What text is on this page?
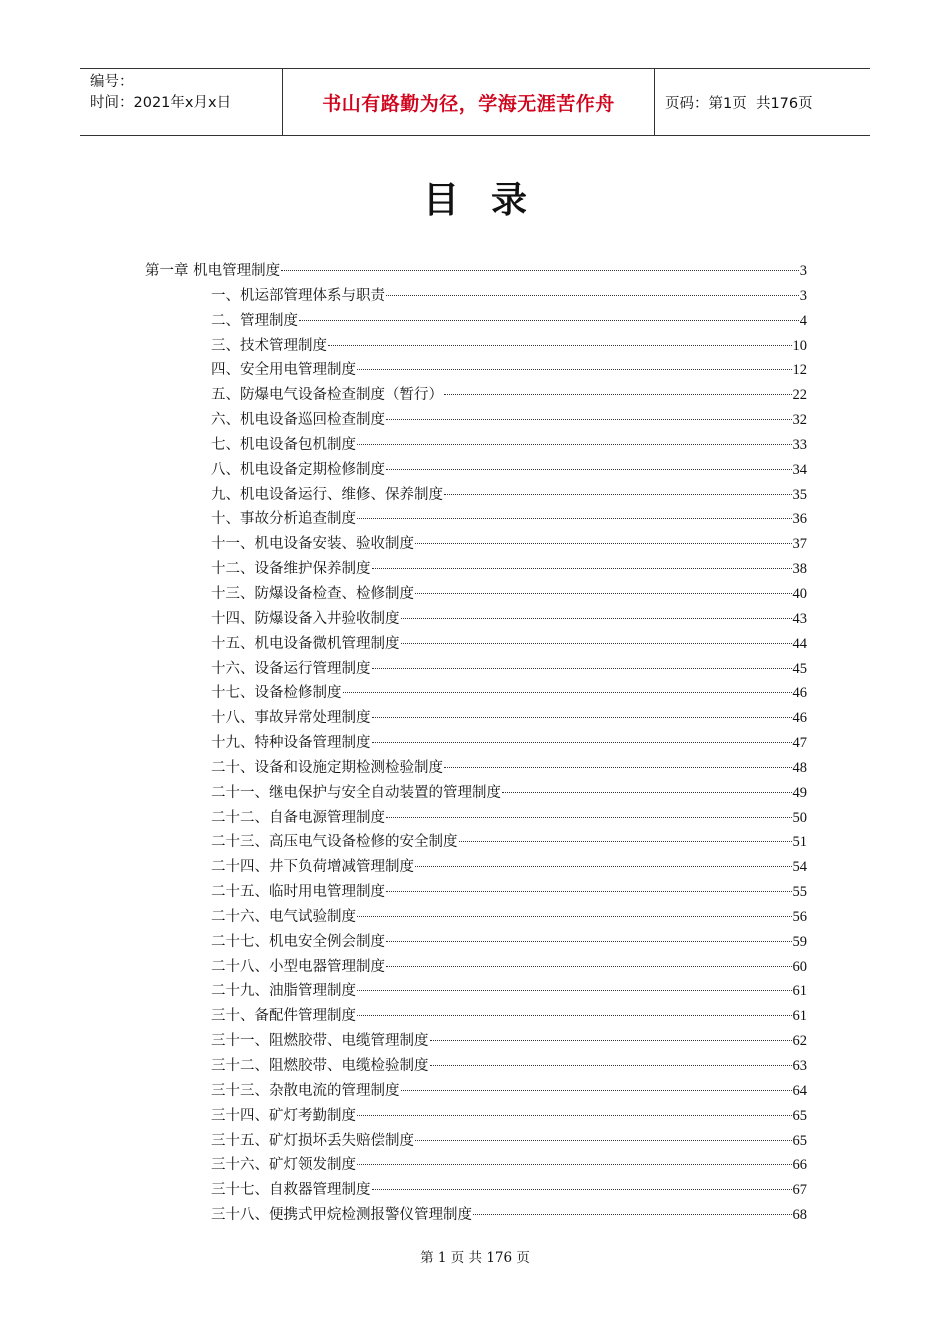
编号：
时间：2021年x月x日	书山有路勤为径，学海无涯苦作舟	页码：第1页  共176页
目录
第一章 机电管理制度	3
一、机运部管理体系与职责	3
二、管理制度	4
三、技术管理制度	10
四、安全用电管理制度	12
五、防爆电气设备检查制度（暂行）	22
六、机电设备巡回检查制度	32
七、机电设备包机制度	33
八、机电设备定期检修制度	34
九、机电设备运行、维修、保养制度	35
十、事故分析追查制度	36
十一、机电设备安装、验收制度	37
十二、设备维护保养制度	38
十三、防爆设备检查、检修制度	40
十四、防爆设备入井验收制度	43
十五、机电设备微机管理制度	44
十六、设备运行管理制度	45
十七、设备检修制度	46
十八、事故异常处理制度	46
十九、特种设备管理制度	47
二十、设备和设施定期检测检验制度	48
二十一、继电保护与安全自动装置的管理制度	49
二十二、自备电源管理制度	50
二十三、高压电气设备检修的安全制度	51
二十四、井下负荷增减管理制度	54
二十五、临时用电管理制度	55
二十六、电气试验制度	56
二十七、机电安全例会制度	59
二十八、小型电器管理制度	60
二十九、油脂管理制度	61
三十、备配件管理制度	61
三十一、阻燃胶带、电缆管理制度	62
三十二、阻燃胶带、电缆检验制度	63
三十三、杂散电流的管理制度	64
三十四、矿灯考勤制度	65
三十五、矿灯损坏丢失赔偿制度	65
三十六、矿灯领发制度	66
三十七、自救器管理制度	67
三十八、便携式甲烷检测报警仪管理制度	68
第 1 页 共 176 页
